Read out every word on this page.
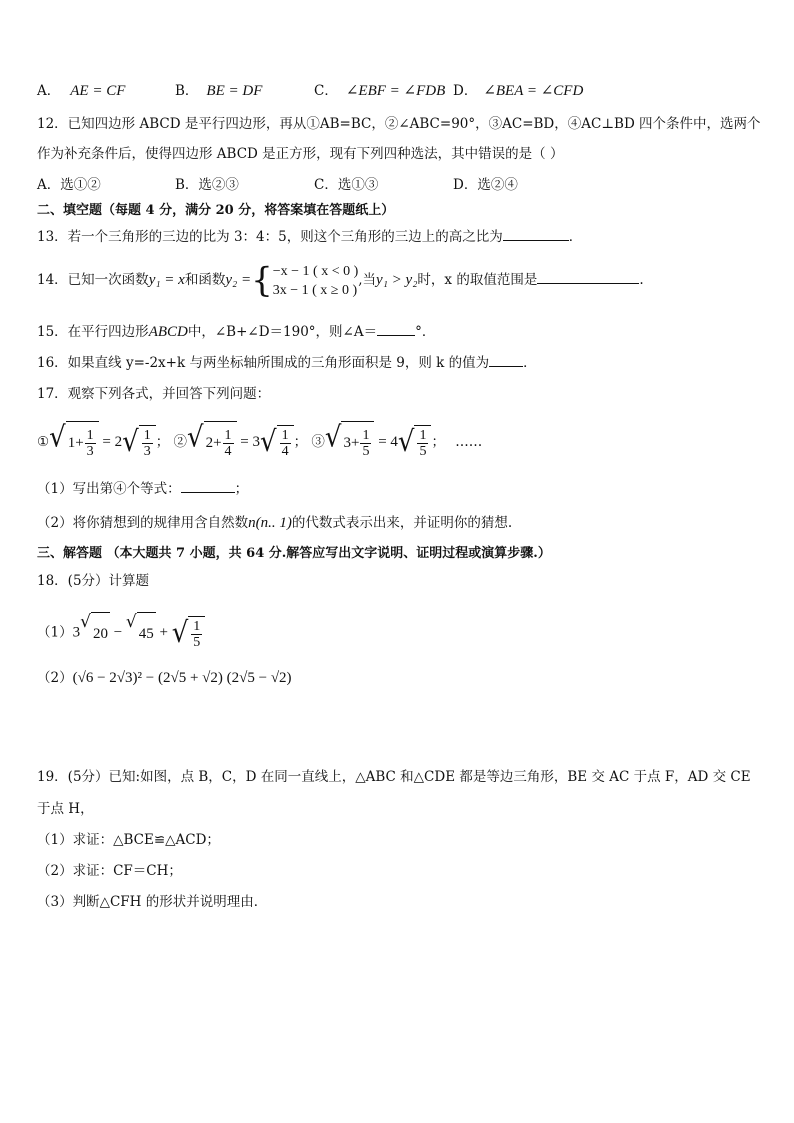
A． AE = CF	B． BE = DF	C． ∠EBF = ∠FDB D． ∠BEA = ∠CFD
12．已知四边形 ABCD 是平行四边形，再从①AB=BC，②∠ABC=90°，③AC=BD，④AC⊥BD 四个条件中，选两个
作为补充条件后，使得四边形 ABCD 是正方形，现有下列四种选法，其中错误的是（ ）
A．选①②	B．选②③	C．选①③	D．选②④
二、填空题（每题 4 分，满分 20 分，将答案填在答题纸上）
13．若一个三角形的三边的比为 3：4：5，则这个三角形的三边上的高之比为	．
14．已知一次函数y₁ = x和函数y₂ ={ −x − 1 ( x < 0 )
3x − 1 ( x ≥ 0 )
,当y₁ > y₂时，x 的取值范围是	.
15．在平行四边形ABCD中，∠B+∠D＝190°，则∠A＝	°．
16．如果直线 y=-2x+k 与两坐标轴所围成的三角形面积是 9，则 k 的值为	．
17．观察下列各式，并回答下列问题：
① √ $1 + \frac{1}{3} = 2$ √ $\frac{1}{3}$ ； ② √ $2 + \frac{1}{4} = 3$ √ $\frac{1}{4}$ ； ③ √ $3 + \frac{1}{5} = 4$ √ $\frac{1}{5}$ ； ……
（1）写出第④个等式：	；
（2）将你猜想到的规律用含自然数n(n.. 1)的代数式表示出来，并证明你的猜想.
三、解答题 （本大题共 7 小题，共 64 分.解答应写出文字说明、证明过程或演算步骤.）
18．(5分）计算题
（1）3
√
20 −
√
45 + √ $\frac{1}{5}$
（2）(√6 − 2√3)² − (2√5 + √2) (2√5 − √2)
19．(5分）已知:如图，点 B，C，D 在同一直线上，△ABC 和△CDE 都是等边三角形，BE 交 AC 于点 F，AD 交 CE
于点 H，
（1）求证：△BCE≌△ACD；
（2）求证：CF＝CH；
（3）判断△CFH 的形状并说明理由．
